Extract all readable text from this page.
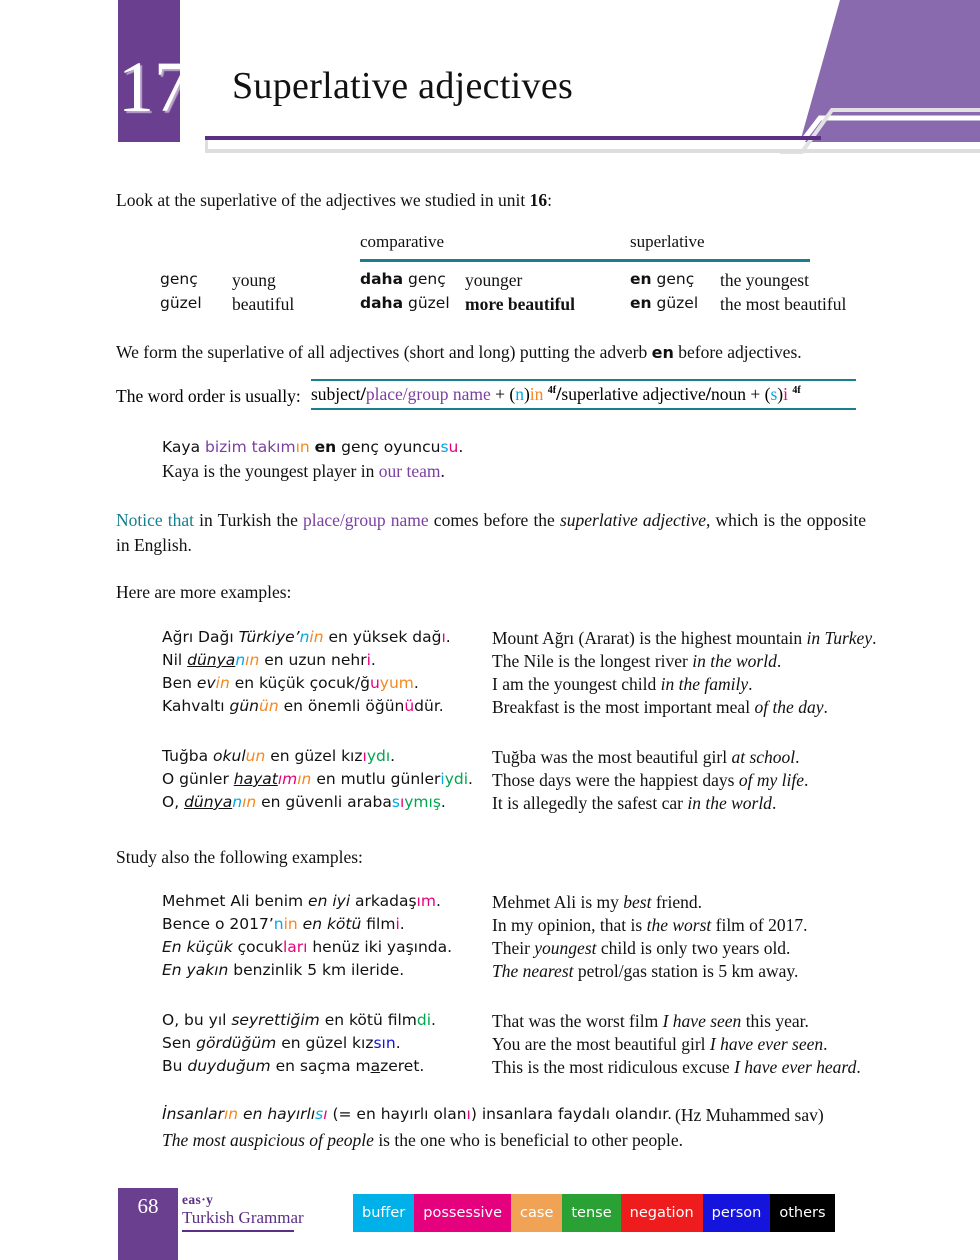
17 Superlative adjectives
Look at the superlative of the adjectives we studied in unit 16:
comparative	superlative
genç young	daha genç younger	en genç the youngest
güzel beautiful	daha güzel more beautiful	en güzel the most beautiful
We form the superlative of all adjectives (short and long) putting the adverb en before adjectives.
The word order is usually: subject/place/group name + (n)in $^{4f}$/superlative adjective/noun + (s)i $^{4f}$
Kaya bizim takımın en genç oyuncusu.
Kaya is the youngest player in our team.
Notice that in Turkish the place/group name comes before the superlative adjective, which is the opposite in English.
Here are more examples:
Ağrı Dağı Türkiye’nin en yüksek dağı. Mount Ağrı (Ararat) is the highest mountain in Turkey.
Nil dünyanın en uzun nehri.	The Nile is the longest river in the world.
Ben evin en küçük çocuk/ğuyum.	I am the youngest child in the family.
Kahvaltı günün en önemli öğünüdür.	Breakfast is the most important meal of the day.
Tuğba okulun en güzel kızıydı.	Tuğba was the most beautiful girl at school.
O günler hayatımın en mutlu günleriydi. Those days were the happiest days of my life.
O, dünyanın en güvenli arabasıymış.	It is allegedly the safest car in the world.
Study also the following examples:
Mehmet Ali benim en iyi arkadaşım.	Mehmet Ali is my best friend.
Bence o 2017’nin en kötü filmi.	In my opinion, that is the worst film of 2017.
En küçük çocukları henüz iki yaşında. Their youngest child is only two years old.
En yakın benzinlik 5 km ileride.	The nearest petrol/gas station is 5 km away.
O, bu yıl seyrettiğim en kötü filmdi.	That was the worst film I have seen this year.
Sen gördüğüm en güzel kızsın.	You are the most beautiful girl I have ever seen.
Bu duyduğum en saçma mazeret.	This is the most ridiculous excuse I have ever heard.
İnsanların en hayırlısı (= en hayırlı olanı) insanlara faydalı olandır. (Hz Muhammed sav)
The most auspicious of people is the one who is beneficial to other people.
68	eas·y
Turkish Grammar	buffer	possessive	case	tense	negation	person	others
